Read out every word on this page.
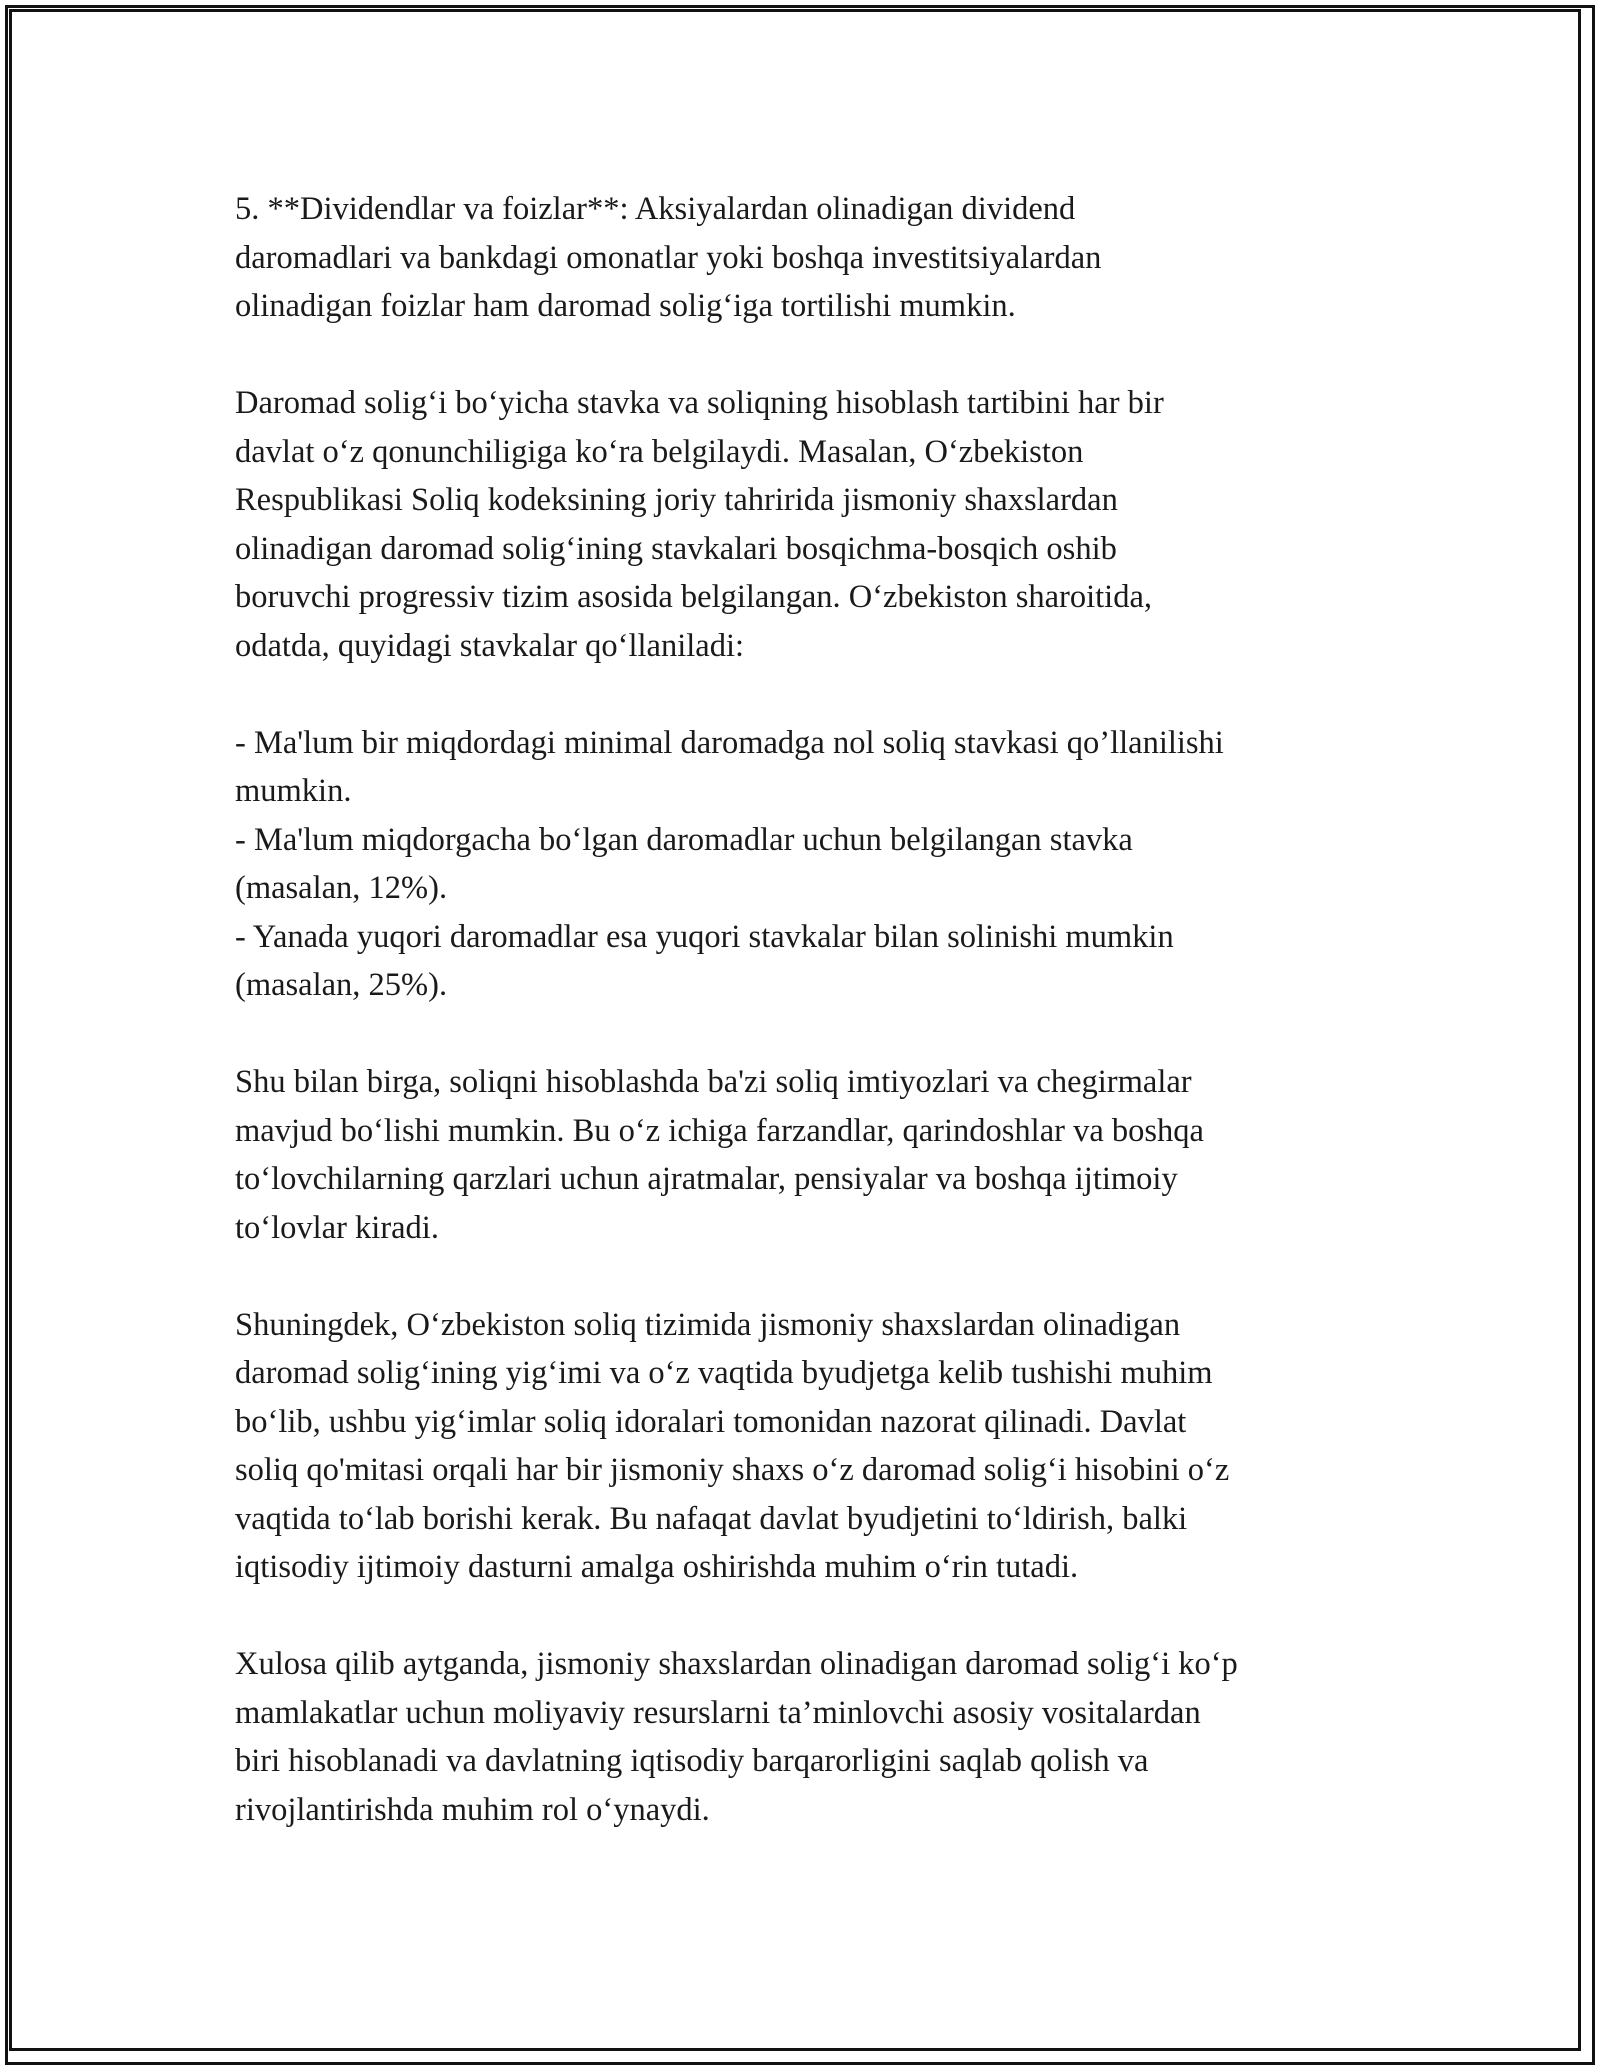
5. **Dividendlar va foizlar**: Aksiyalardan olinadigan dividend
daromadlari va bankdagi omonatlar yoki boshqa investitsiyalardan
olinadigan foizlar ham daromad solig‘iga tortilishi mumkin.

Daromad solig‘i bo‘yicha stavka va soliqning hisoblash tartibini har bir
davlat o‘z qonunchiligiga ko‘ra belgilaydi. Masalan, O‘zbekiston
Respublikasi Soliq kodeksining joriy tahririda jismoniy shaxslardan
olinadigan daromad solig‘ining stavkalari bosqichma-bosqich oshib
boruvchi progressiv tizim asosida belgilangan. O‘zbekiston sharoitida,
odatda, quyidagi stavkalar qo‘llaniladi:

- Ma'lum bir miqdordagi minimal daromadga nol soliq stavkasi qo’llanilishi
mumkin.
- Ma'lum miqdorgacha bo‘lgan daromadlar uchun belgilangan stavka
(masalan, 12%).
- Yanada yuqori daromadlar esa yuqori stavkalar bilan solinishi mumkin
(masalan, 25%).

Shu bilan birga, soliqni hisoblashda ba'zi soliq imtiyozlari va chegirmalar
mavjud bo‘lishi mumkin. Bu o‘z ichiga farzandlar, qarindoshlar va boshqa
to‘lovchilarning qarzlari uchun ajratmalar, pensiyalar va boshqa ijtimoiy
to‘lovlar kiradi.

Shuningdek, O‘zbekiston soliq tizimida jismoniy shaxslardan olinadigan
daromad solig‘ining yig‘imi va o‘z vaqtida byudjetga kelib tushishi muhim
bo‘lib, ushbu yig‘imlar soliq idoralari tomonidan nazorat qilinadi. Davlat
soliq qo'mitasi orqali har bir jismoniy shaxs o‘z daromad solig‘i hisobini o‘z
vaqtida to‘lab borishi kerak. Bu nafaqat davlat byudjetini to‘ldirish, balki
iqtisodiy ijtimoiy dasturni amalga oshirishda muhim o‘rin tutadi.

Xulosa qilib aytganda, jismoniy shaxslardan olinadigan daromad solig‘i ko‘p
mamlakatlar uchun moliyaviy resurslarni ta’minlovchi asosiy vositalardan
biri hisoblanadi va davlatning iqtisodiy barqarorligini saqlab qolish va
rivojlantirishda muhim rol o‘ynaydi.
